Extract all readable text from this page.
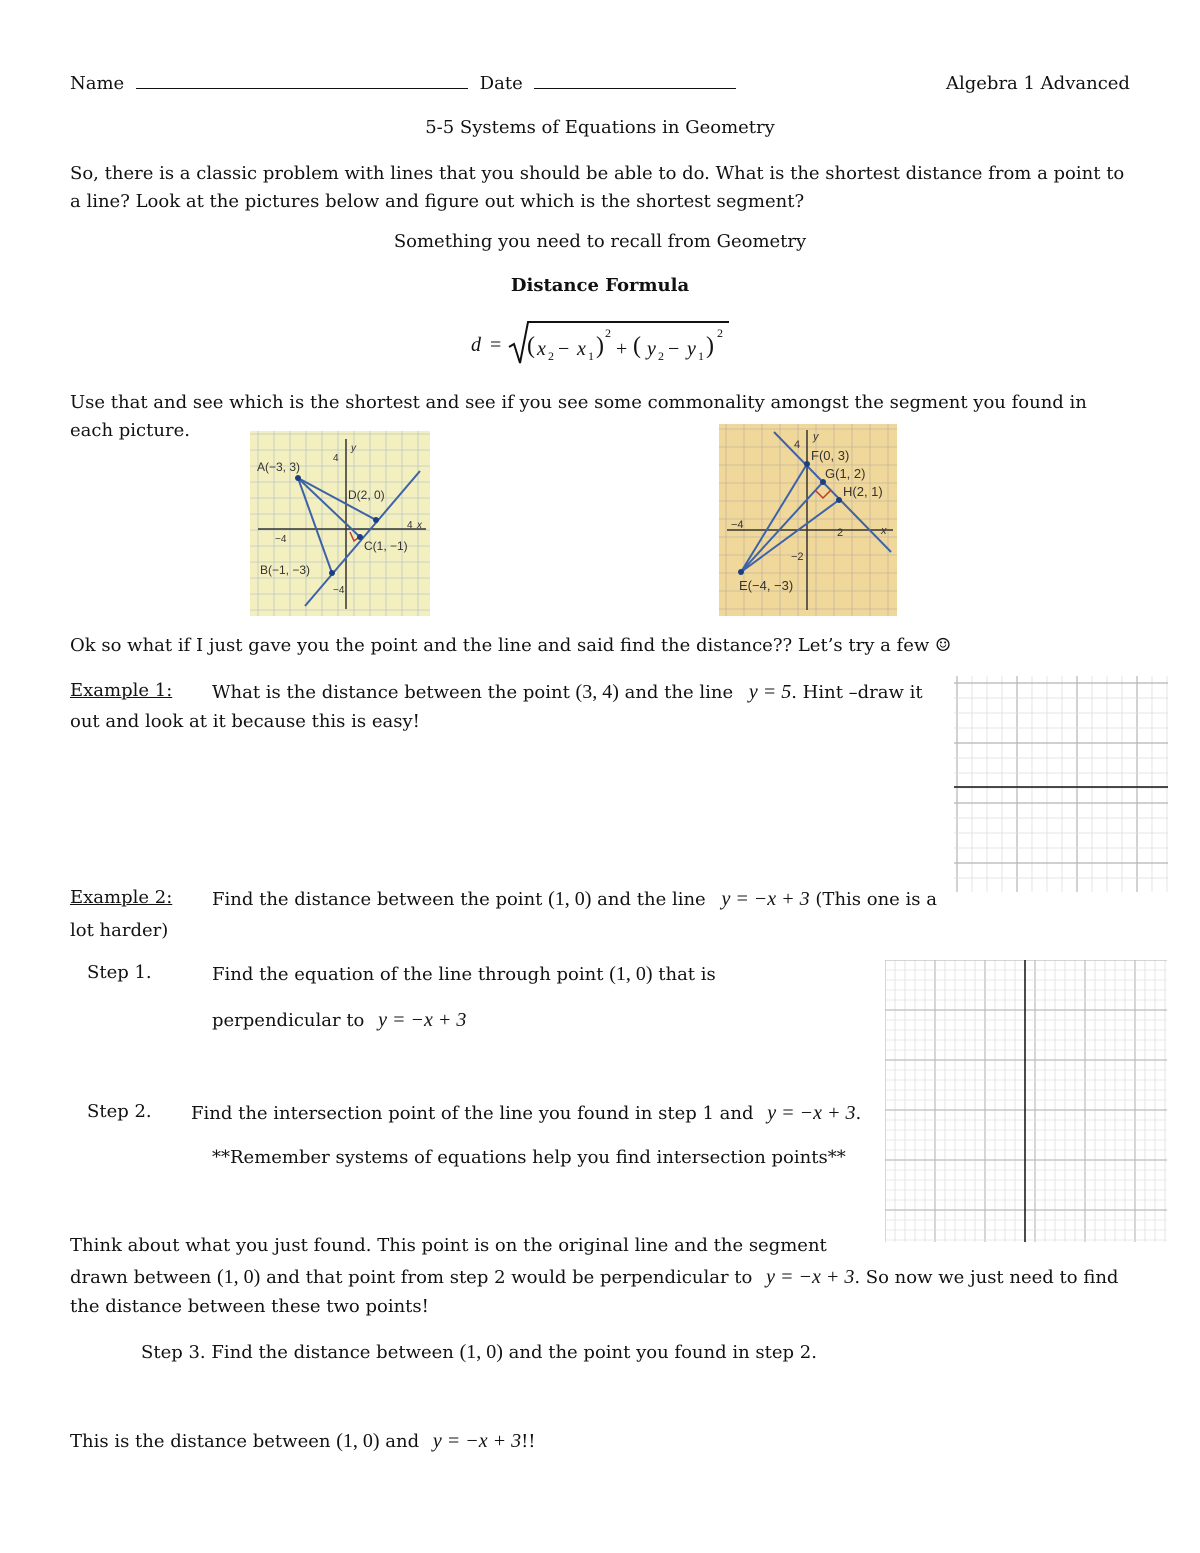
Name	Date	Algebra 1 Advanced
5-5 Systems of Equations in Geometry
So, there is a classic problem with lines that you should be able to do. What is the shortest distance from a point to a line? Look at the pictures below and figure out which is the shortest segment?
Something you need to recall from Geometry
Distance Formula
d = ( x 2 − x 1 ) 2
+ ( y 2 − y 1 ) 2
Use that and see which is the shortest and see if you see some commonality amongst the segment you found in each picture.
A(−3, 3)
D(2, 0)
C(1, −1)
B(−1, −3)
4
−4
4
−4
x
y	F(0, 3)
G(1, 2)
H(2, 1)
E(−4, −3)
4
−4
2
−2
x
y
Ok so what if I just gave you the point and the line and said find the distance?? Let’s try a few ☺
Example 1: What is the distance between the point (3, 4) and the line y = 5. Hint –draw it
out and look at it because this is easy!
Example 2: Find the distance between the point (1, 0) and the line y = −x + 3 (This one is a
lot harder)
Step 1.	Find the equation of the line through point (1, 0) that is
perpendicular to y = −x + 3
Step 2. Find the intersection point of the line you found in step 1 and y = −x + 3.
**Remember systems of equations help you find intersection points**
Think about what you just found. This point is on the original line and the segment
drawn between (1, 0) and that point from step 2 would be perpendicular to y = −x + 3. So now we just need to find
the distance between these two points!
Step 3. Find the distance between (1, 0) and the point you found in step 2.
This is the distance between (1, 0) and y = −x + 3!!
